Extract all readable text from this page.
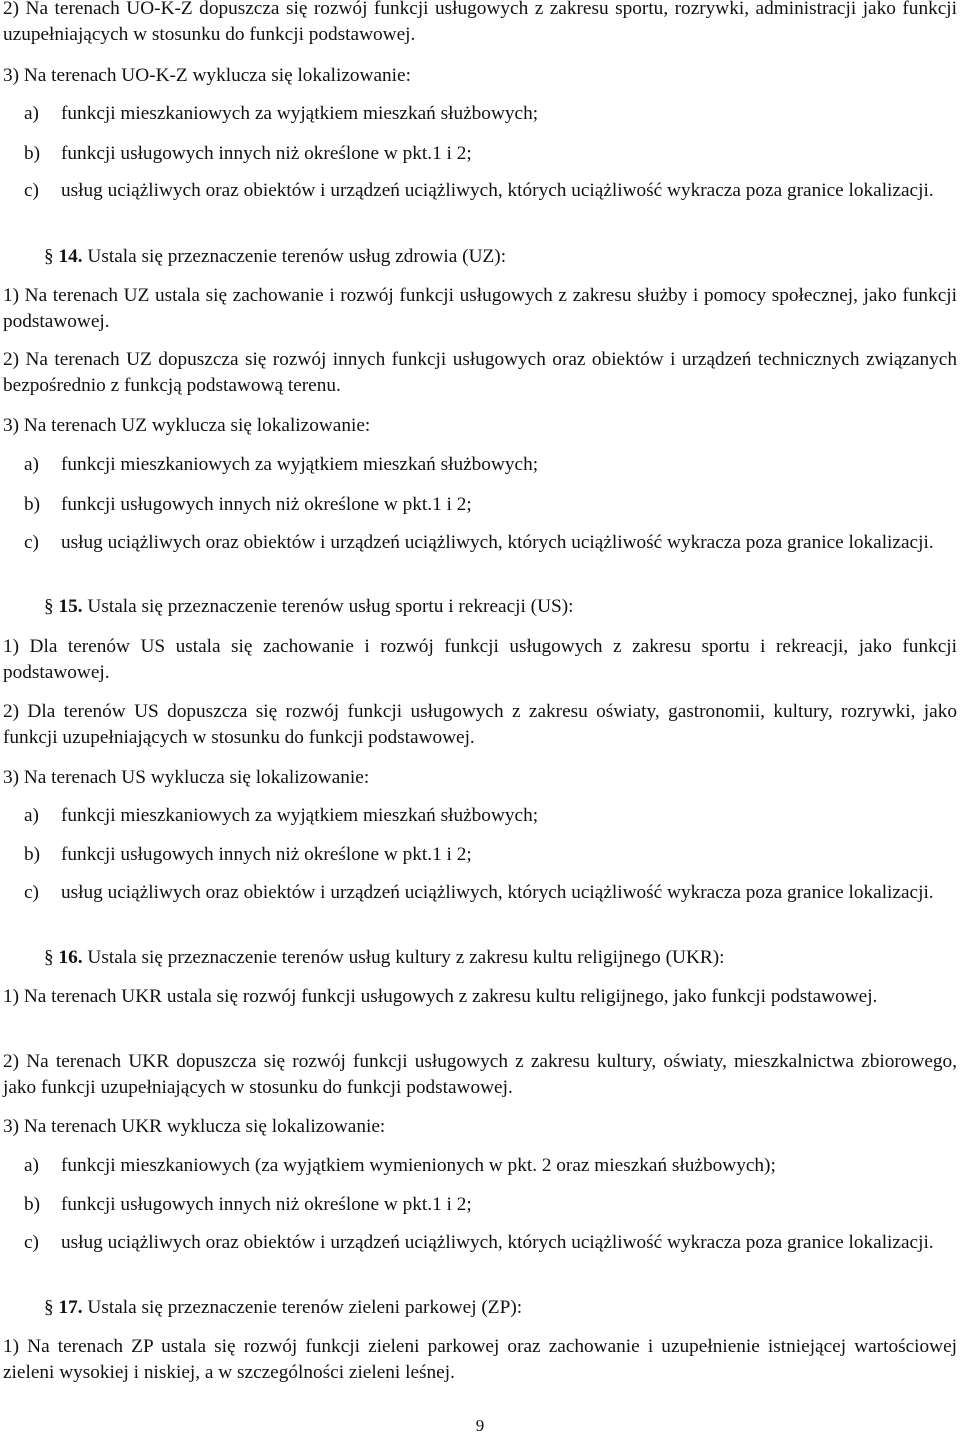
2) Na terenach UO-K-Z dopuszcza się rozwój funkcji usługowych z zakresu sportu, rozrywki, administracji jako funkcji uzupełniających w stosunku do funkcji podstawowej.

3) Na terenach UO-K-Z wyklucza się lokalizowanie:

a) funkcji mieszkaniowych za wyjątkiem mieszkań służbowych;
b) funkcji usługowych innych niż określone w pkt.1 i 2;
c) usług uciążliwych oraz obiektów i urządzeń uciążliwych, których uciążliwość wykracza poza granice lokalizacji.

§ 14. Ustala się przeznaczenie terenów usług zdrowia (UZ):

1) Na terenach UZ ustala się zachowanie i rozwój funkcji usługowych z zakresu służby i pomocy społecznej, jako funkcji podstawowej.

2) Na terenach UZ dopuszcza się rozwój innych funkcji usługowych oraz obiektów i urządzeń technicznych związanych bezpośrednio z funkcją podstawową terenu.

3) Na terenach UZ wyklucza się lokalizowanie:

a) funkcji mieszkaniowych za wyjątkiem mieszkań służbowych;
b) funkcji usługowych innych niż określone w pkt.1 i 2;
c) usług uciążliwych oraz obiektów i urządzeń uciążliwych, których uciążliwość wykracza poza granice lokalizacji.

§ 15. Ustala się przeznaczenie terenów usług sportu i rekreacji (US):

1) Dla terenów US ustala się zachowanie i rozwój funkcji usługowych z zakresu sportu i rekreacji, jako funkcji podstawowej.

2) Dla terenów US dopuszcza się rozwój funkcji usługowych z zakresu oświaty, gastronomii, kultury, rozrywki, jako funkcji uzupełniających w stosunku do funkcji podstawowej.

3) Na terenach US wyklucza się lokalizowanie:

a) funkcji mieszkaniowych za wyjątkiem mieszkań służbowych;
b) funkcji usługowych innych niż określone w pkt.1 i 2;
c) usług uciążliwych oraz obiektów i urządzeń uciążliwych, których uciążliwość wykracza poza granice lokalizacji.

§ 16. Ustala się przeznaczenie terenów usług kultury z zakresu kultu religijnego (UKR):

1) Na terenach UKR ustala się rozwój funkcji usługowych z zakresu kultu religijnego, jako funkcji podstawowej.

2) Na terenach UKR dopuszcza się rozwój funkcji usługowych z zakresu kultury, oświaty, mieszkalnictwa zbiorowego, jako funkcji uzupełniających w stosunku do funkcji podstawowej.

3) Na terenach UKR wyklucza się lokalizowanie:

a) funkcji mieszkaniowych (za wyjątkiem wymienionych w pkt. 2 oraz mieszkań służbowych);
b) funkcji usługowych innych niż określone w pkt.1 i 2;
c) usług uciążliwych oraz obiektów i urządzeń uciążliwych, których uciążliwość wykracza poza granice lokalizacji.

§ 17. Ustala się przeznaczenie terenów zieleni parkowej (ZP):

1) Na terenach ZP ustala się rozwój funkcji zieleni parkowej oraz zachowanie i uzupełnienie istniejącej wartościowej zieleni wysokiej i niskiej, a w szczególności zieleni leśnej.

9
